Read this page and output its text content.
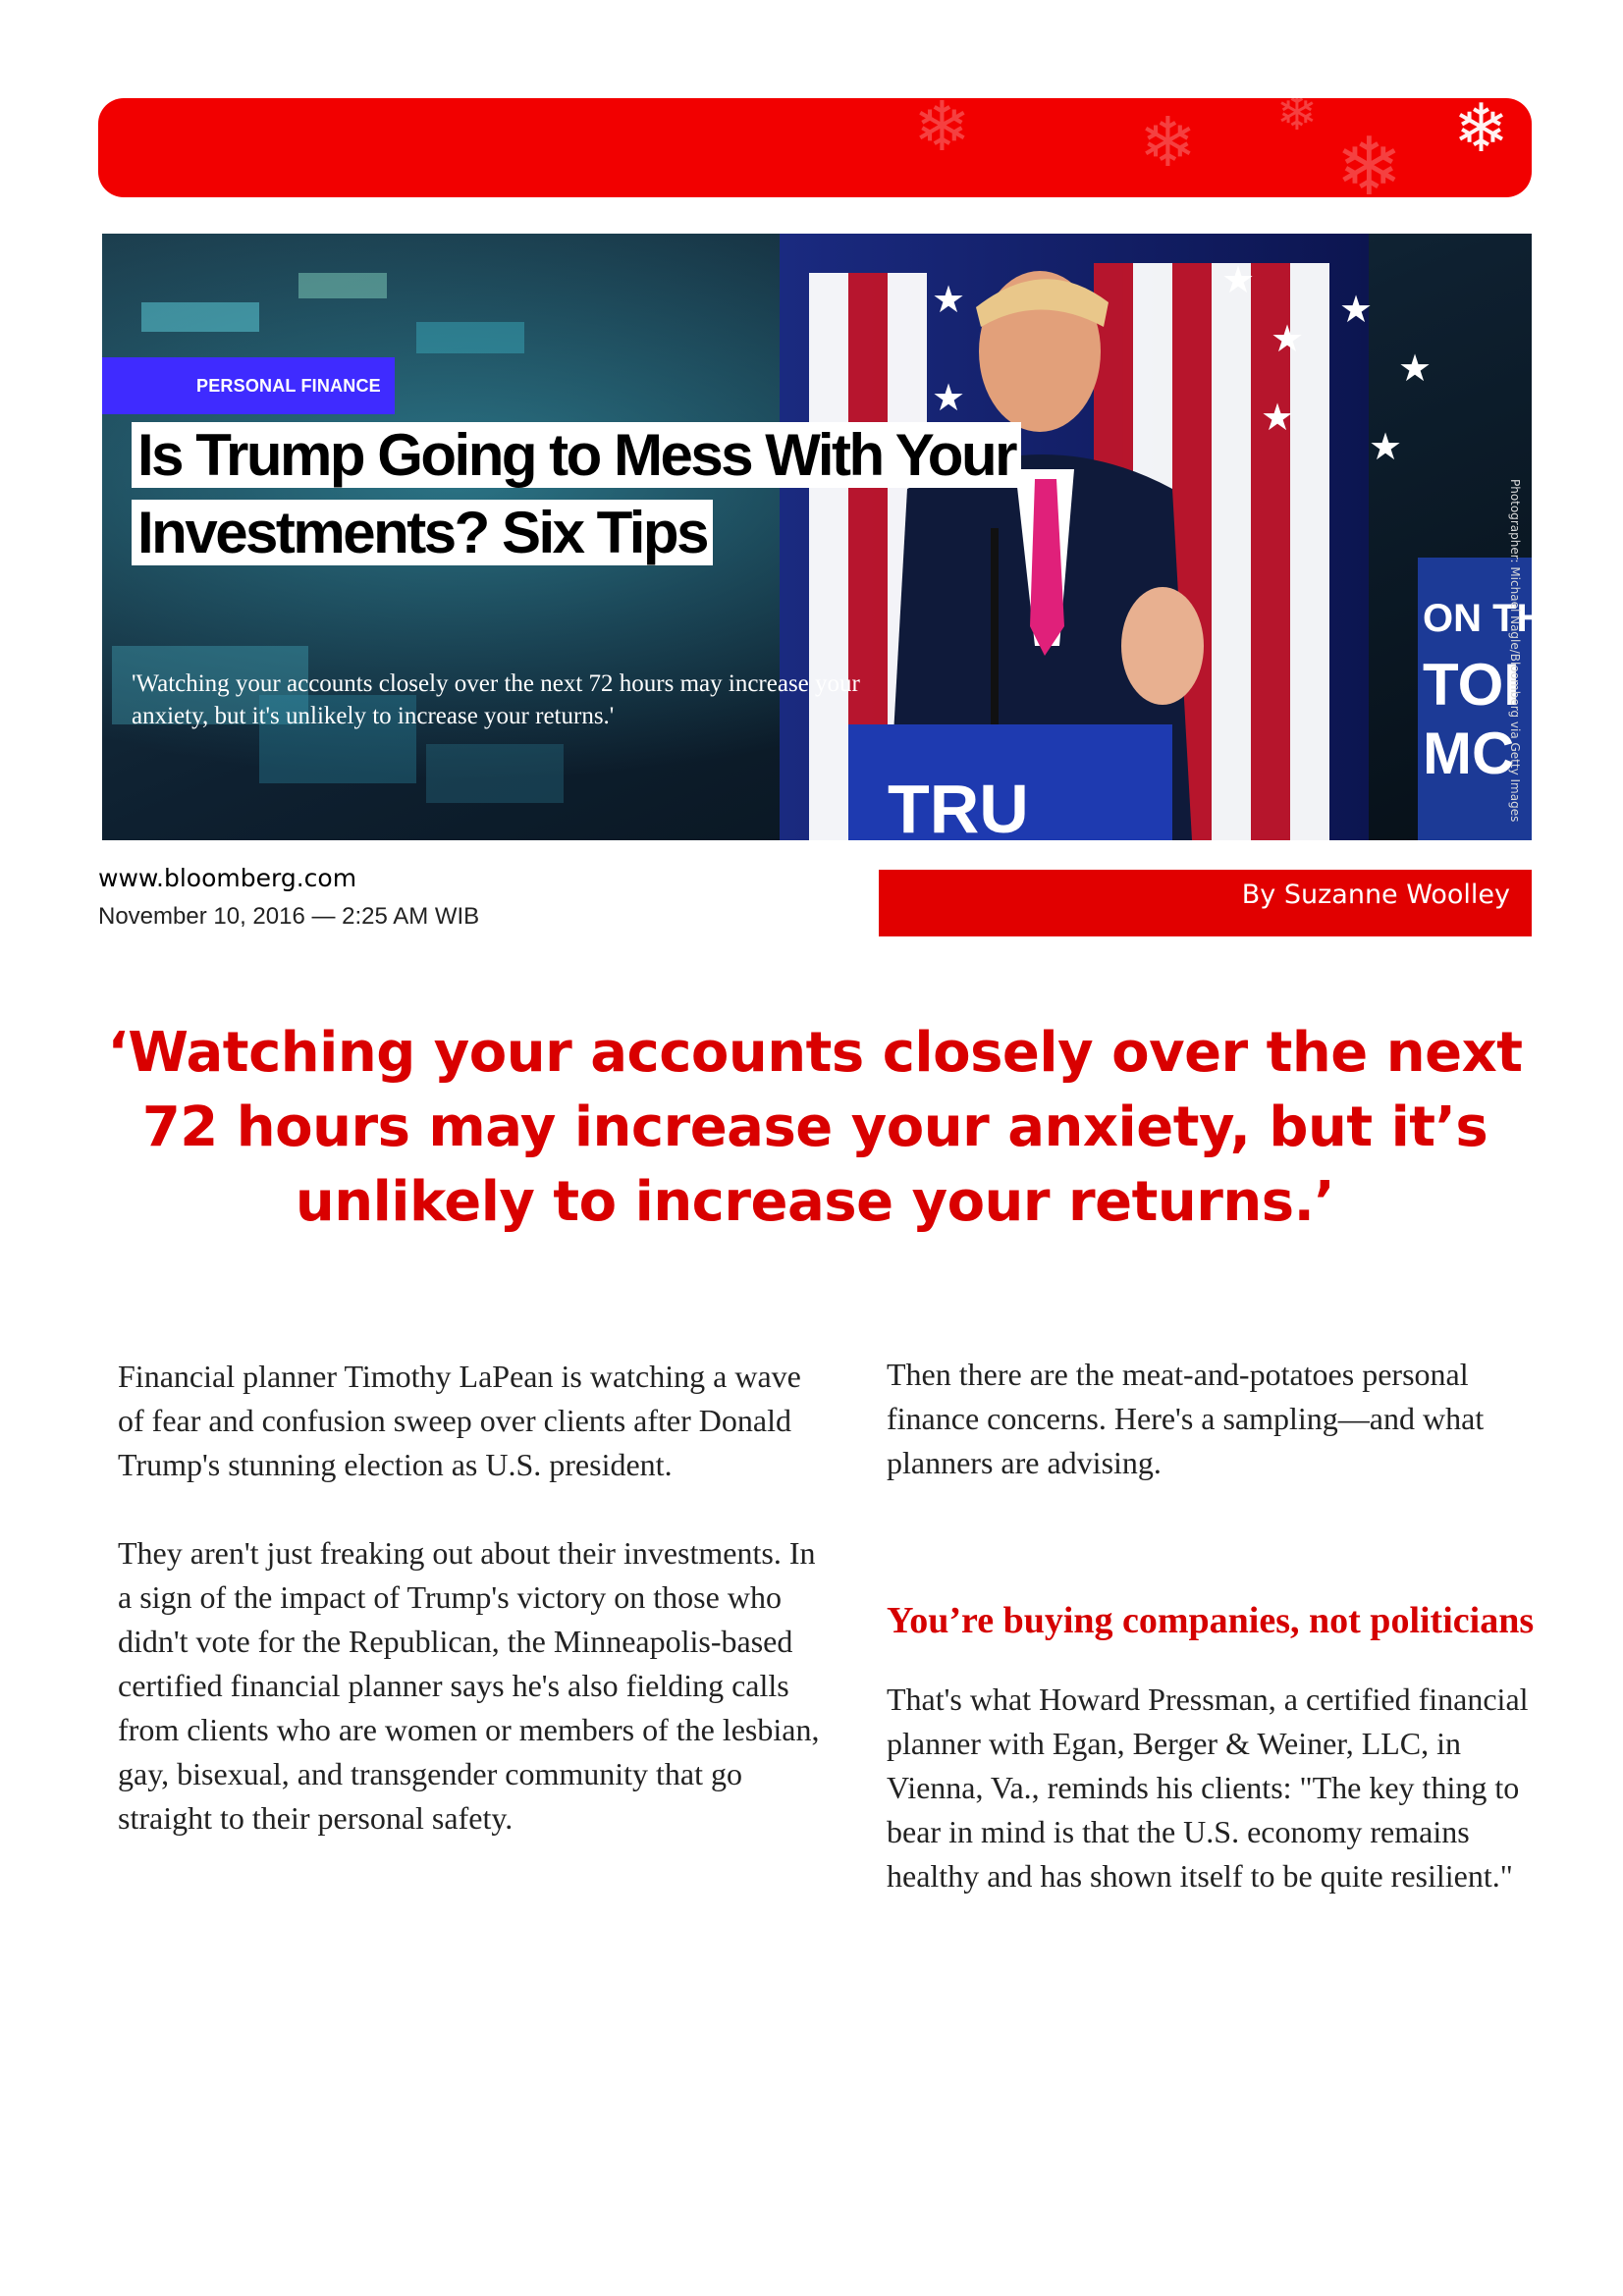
❄ ❄ ❄
❄ ❄
★
★
★
★
★
★
★
★
TRU
ON TH
TOI
MC
PERSONAL FINANCE
Is Trump Going to Mess With Your Investments? Six Tips
'Watching your accounts closely over the next 72 hours may increase your anxiety, but it's unlikely to increase your returns.'	Photographer: Michael Nagle/Bloomberg via Getty Images
www.bloomberg.com
November 10, 2016 — 2:25 AM WIB
By Suzanne Woolley
‘Watching your accounts closely over the next 72 hours may increase your anxiety, but it’s unlikely to increase your returns.’

Financial planner Timothy LaPean is watching a wave of fear and confusion sweep over clients after Donald Trump's stunning election as U.S. president.

They aren't just freaking out about their investments. In a sign of the impact of Trump's victory on those who didn't vote for the Republican, the Minneapolis-based certified financial planner says he's also fielding calls from clients who are women or members of the lesbian, gay, bisexual, and transgender community that go straight to their personal safety.

Then there are the meat-and-potatoes personal finance concerns. Here's a sampling—and what planners are advising.

You’re buying companies, not politicians

That's what Howard Pressman, a certified financial planner with Egan, Berger & Weiner, LLC, in Vienna, Va., reminds his clients: "The key thing to bear in mind is that the U.S. economy remains healthy and has shown itself to be quite resilient."
